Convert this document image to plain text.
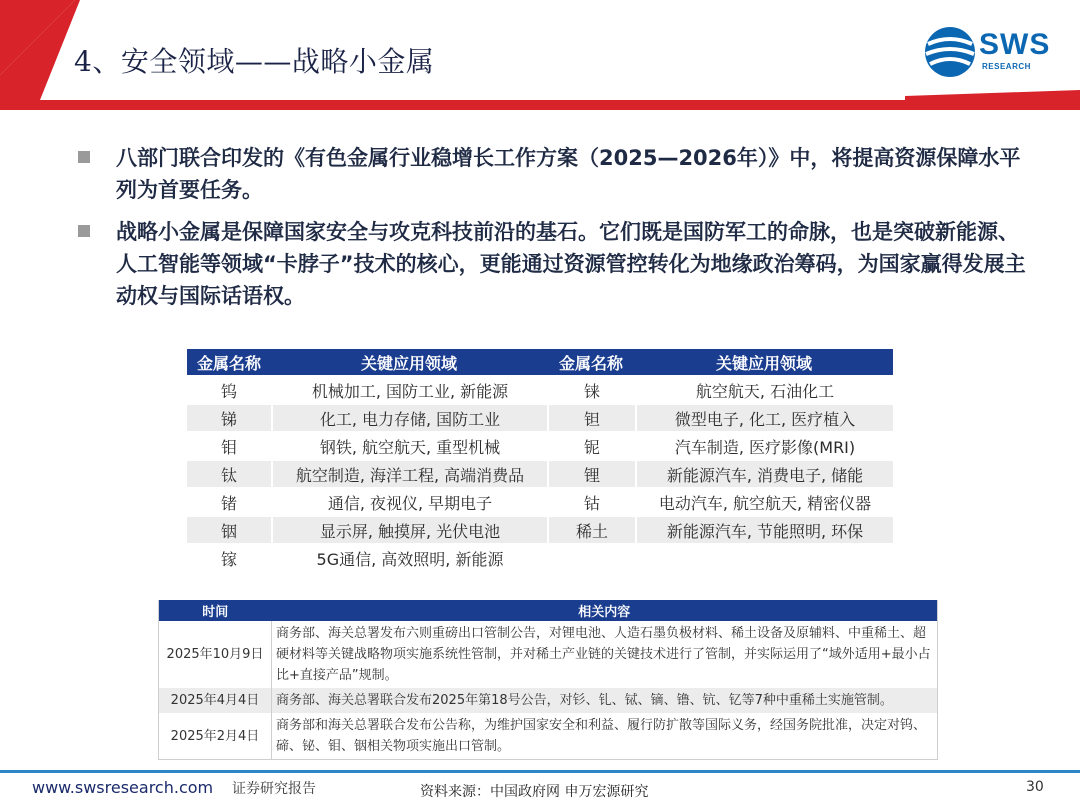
4、安全领域——战略小金属
SWS
RESEARCH
八部门联合印发的《有色金属行业稳增长工作方案（2025—2026年）》中，将提高资源保障水平列为首要任务。
战略小金属是保障国家安全与攻克科技前沿的基石。它们既是国防军工的命脉，也是突破新能源、人工智能等领域“卡脖子”技术的核心，更能通过资源管控转化为地缘政治筹码，为国家赢得发展主动权与国际话语权。
金属名称	关键应用领域	金属名称	关键应用领域
钨	机械加工, 国防工业, 新能源	铼	航空航天, 石油化工
锑	化工, 电力存储, 国防工业	钽	微型电子, 化工, 医疗植入
钼	钢铁, 航空航天, 重型机械	铌	汽车制造, 医疗影像(MRI)
钛	航空制造, 海洋工程, 高端消费品	锂	新能源汽车, 消费电子, 储能
锗	通信, 夜视仪, 早期电子	钴	电动汽车, 航空航天, 精密仪器
铟	显示屏, 触摸屏, 光伏电池	稀土	新能源汽车, 节能照明, 环保
镓	5G通信, 高效照明, 新能源		
时间	相关内容
2025年10月9日	商务部、海关总署发布六则重磅出口管制公告，对锂电池、人造石墨负极材料、稀土设备及原辅料、中重稀土、超硬材料等关键战略物项实施系统性管制，并对稀土产业链的关键技术进行了管制，并实际运用了“域外适用+最小占比+直接产品”规制。
2025年4月4日	商务部、海关总署联合发布2025年第18号公告，对钐、钆、铽、镝、镥、钪、钇等7种中重稀土实施管制。
2025年2月4日	商务部和海关总署联合发布公告称，为维护国家安全和利益、履行防扩散等国际义务，经国务院批准，决定对钨、碲、铋、钼、铟相关物项实施出口管制。
www.swsresearch.com 证券研究报告	资料来源：中国政府网 申万宏源研究	30
